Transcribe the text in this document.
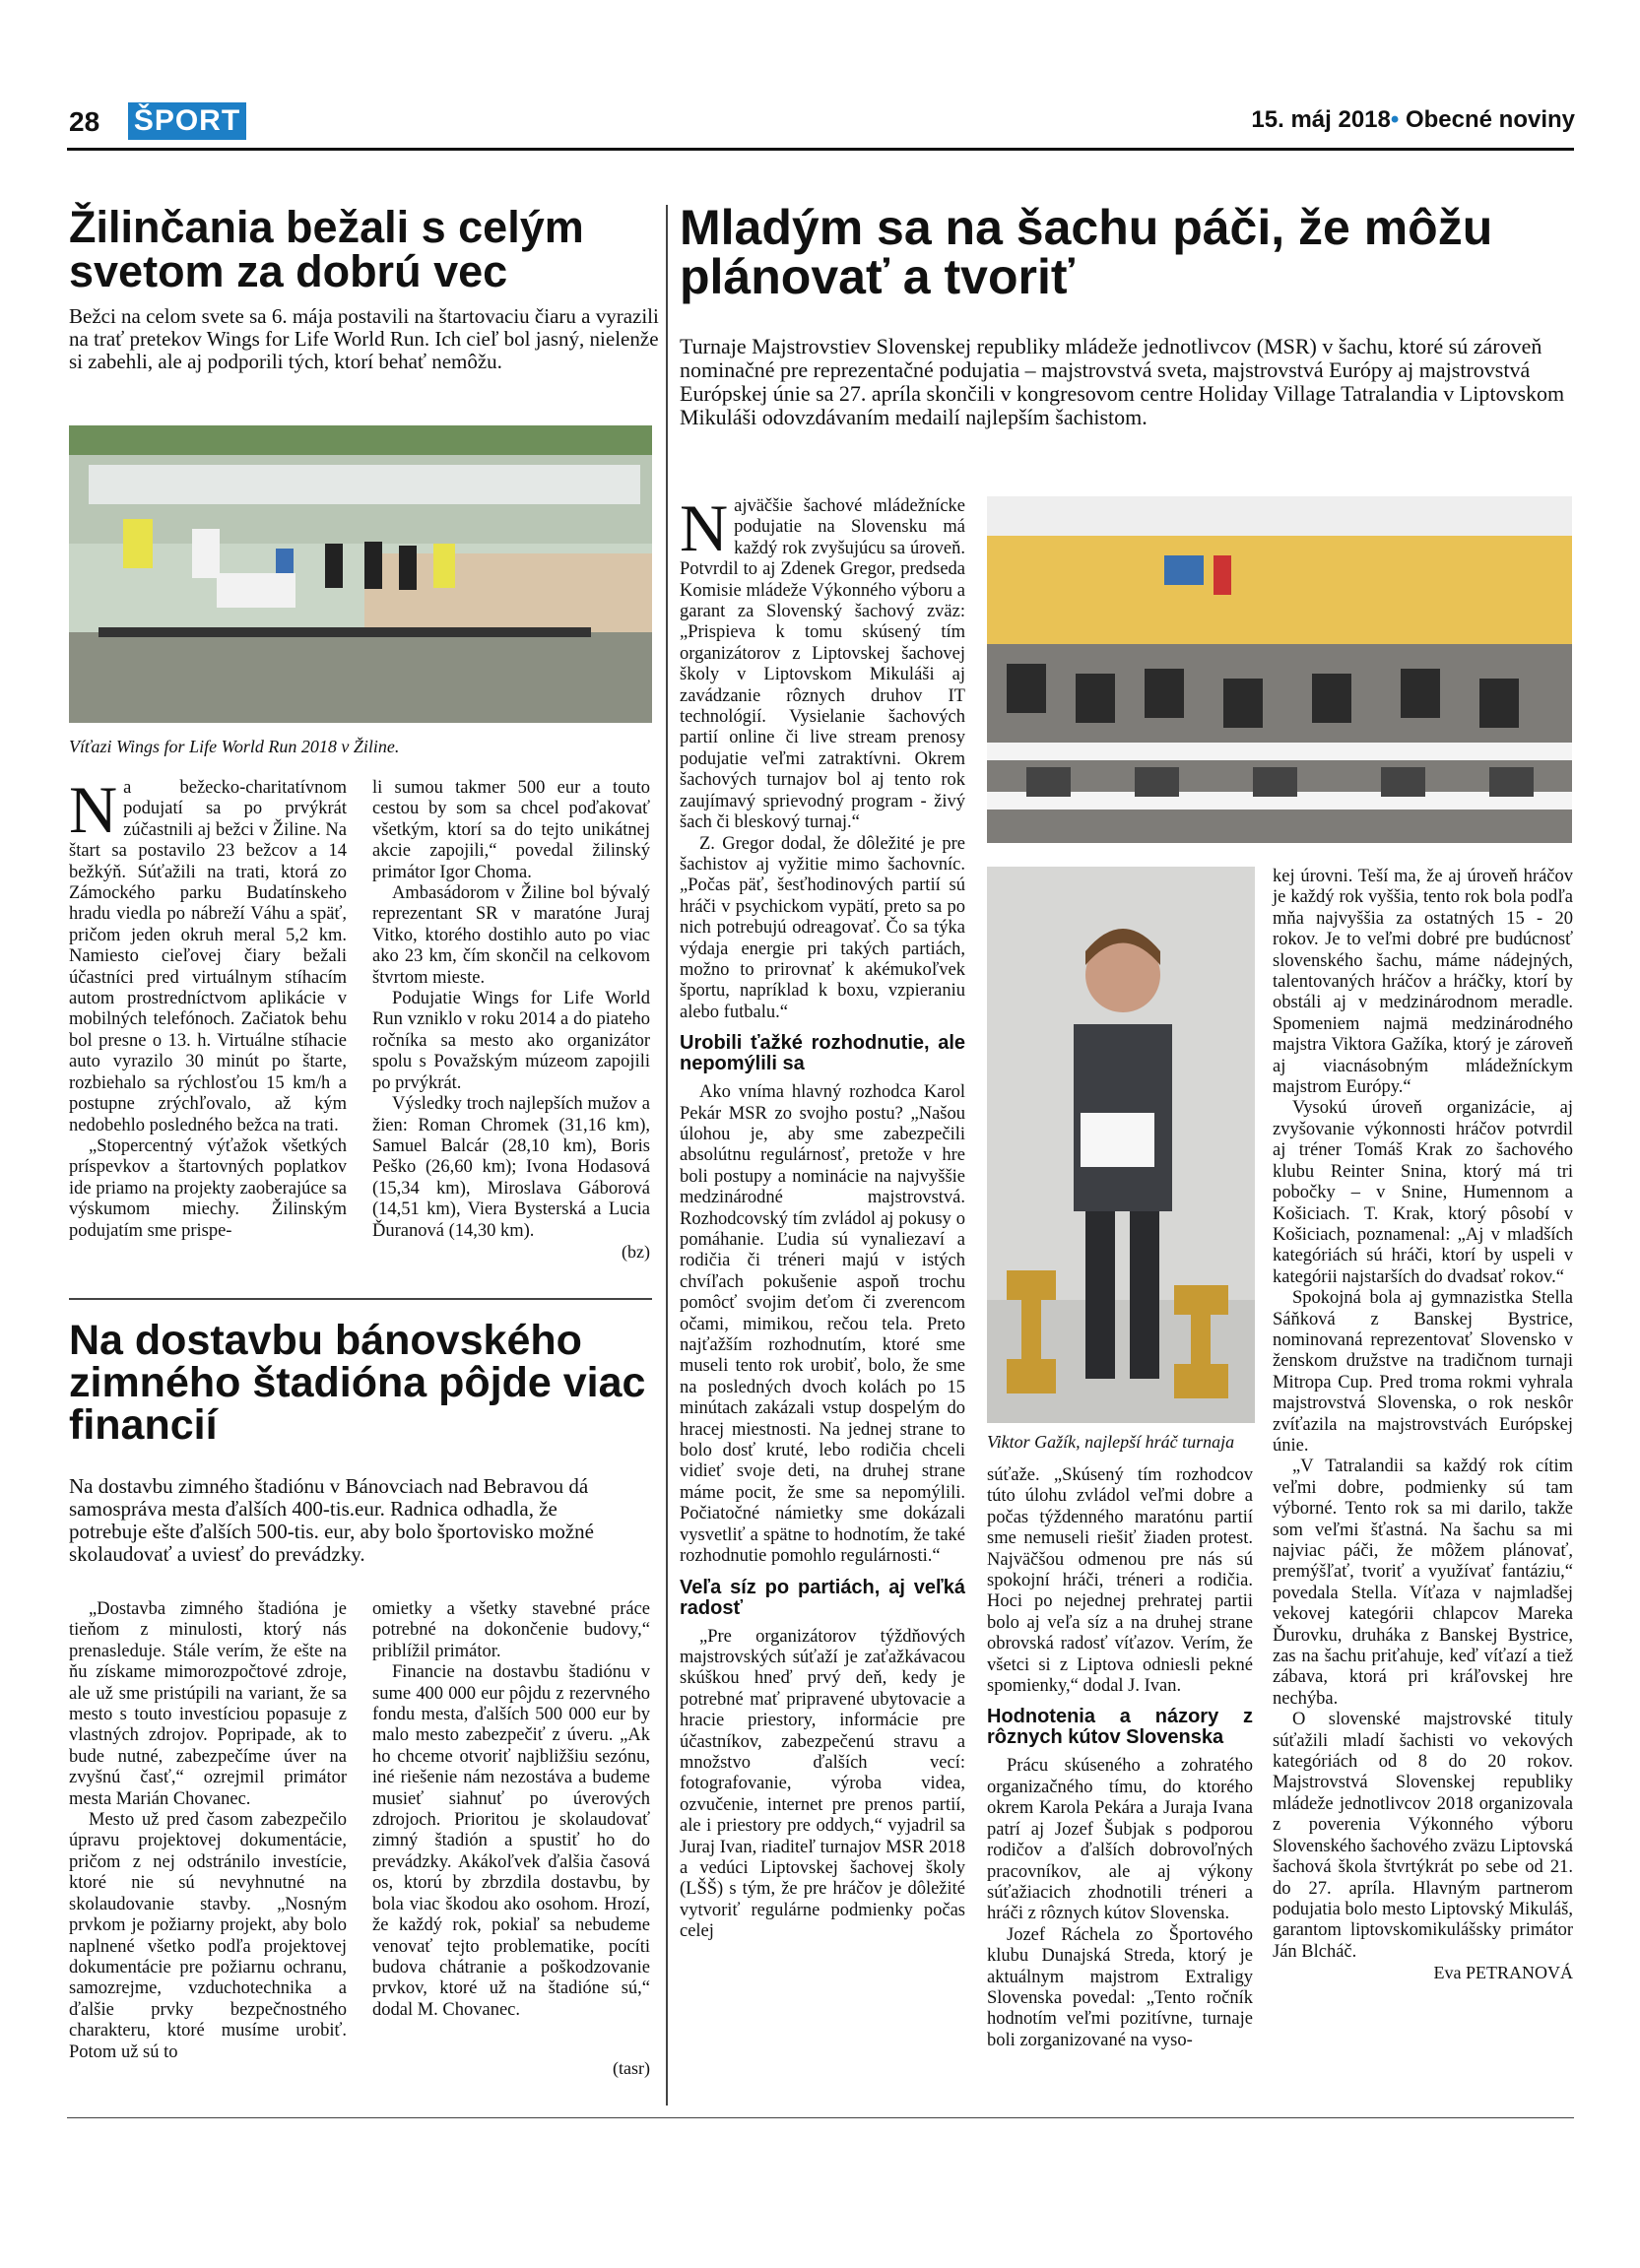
28 ŠPORT	15. máj 2018• Obecné noviny
Žilinčania bežali s celým svetom za dobrú vec
Bežci na celom svete sa 6. mája postavili na štartovaciu čiaru a vyrazili na trať pretekov Wings for Life World Run. Ich cieľ bol jasný, nielenže si zabehli, ale aj podporili tých, ktorí behať nemôžu.
Víťazi Wings for Life World Run 2018 v Žiline.

Na bežecko-charitatívnom podujatí sa po prvýkrát zúčastnili aj bežci v Žiline. Na štart sa postavilo 23 bežcov a 14 bežkýň. Súťažili na trati, ktorá zo Zámockého parku Budatínskeho hradu viedla po nábreží Váhu a späť, pričom jeden okruh meral 5,2 km. Namiesto cieľovej čiary bežali účastníci pred virtuálnym stíhacím autom prostredníctvom aplikácie v mobilných telefónoch. Začiatok behu bol presne o 13. h. Virtuálne stíhacie auto vyrazilo 30 minút po štarte, rozbiehalo sa rýchlosťou 15 km/h a postupne zrýchľovalo, až kým nedobehlo posledného bežca na trati.

„Stopercentný výťažok všetkých príspevkov a štartovných poplatkov ide priamo na projekty zaoberajúce sa výskumom miechy. Žilinským podujatím sme prispe-

li sumou takmer 500 eur a touto cestou by som sa chcel poďakovať všetkým, ktorí sa do tejto unikátnej akcie zapojili,“ povedal žilinský primátor Igor Choma.

Ambasádorom v Žiline bol bývalý reprezentant SR v maratóne Juraj Vitko, ktorého dostihlo auto po viac ako 23 km, čím skončil na celkovom štvrtom mieste.

Podujatie Wings for Life World Run vzniklo v roku 2014 a do piateho ročníka sa mesto ako organizátor spolu s Považským múzeom zapojili po prvýkrát.

Výsledky troch najlepších mužov a žien: Roman Chromek (31,16 km), Samuel Balcár (28,10 km), Boris Peško (26,60 km); Ivona Hodasová (15,34 km), Miroslava Gáborová (14,51 km), Viera Bysterská a Lucia Ďuranová (14,30 km).

(bz)
Na dostavbu bánovského zimného štadióna pôjde viac financií
Na dostavbu zimného štadiónu v Bánovciach nad Bebravou dá samospráva mesta ďalších 400-tis.eur. Radnica odhadla, že potrebuje ešte ďalších 500-tis. eur, aby bolo športovisko možné skolaudovať a uviesť do prevádzky.

„Dostavba zimného štadióna je tieňom z minulosti, ktorý nás prenasleduje. Stále verím, že ešte na ňu získame mimorozpočtové zdroje, ale už sme pristúpili na variant, že sa mesto s touto investíciou popasuje z vlastných zdrojov. Popripade, ak to bude nutné, zabezpečíme úver na zvyšnú časť,“ ozrejmil primátor mesta Marián Chovanec.

Mesto už pred časom zabezpečilo úpravu projektovej dokumentácie, pričom z nej odstránilo investície, ktoré nie sú nevyhnutné na skolaudovanie stavby. „Nosným prvkom je požiarny projekt, aby bolo naplnené všetko podľa projektovej dokumentácie pre požiarnu ochranu, samozrejme, vzduchotechnika a ďalšie prvky bezpečnostného charakteru, ktoré musíme urobiť. Potom už sú to

omietky a všetky stavebné práce potrebné na dokončenie budovy,“ priblížil primátor.

Financie na dostavbu štadiónu v sume 400 000 eur pôjdu z rezervného fondu mesta, ďalších 500 000 eur by malo mesto zabezpečiť z úveru. „Ak ho chceme otvoriť najbližšiu sezónu, iné riešenie nám nezostáva a budeme musieť siahnuť po úverových zdrojoch. Prioritou je skolaudovať zimný štadión a spustiť ho do prevádzky. Akákoľvek ďalšia časová os, ktorú by zbrzdila dostavbu, by bola viac škodou ako osohom. Hrozí, že každý rok, pokiaľ sa nebudeme venovať tejto problematike, pocíti budova chátranie a poškodzovanie prvkov, ktoré už na štadióne sú,“ dodal M. Chovanec.

(tasr)
Mladým sa na šachu páči, že môžu plánovať a tvoriť
Turnaje Majstrovstiev Slovenskej republiky mládeže jednotlivcov (MSR) v šachu, ktoré sú zároveň nominačné pre reprezentačné podujatia – majstrovstvá sveta, majstrovstvá Európy aj majstrovstvá Európskej únie sa 27. apríla skončili v kongresovom centre Holiday Village Tatralandia v Liptovskom Mikuláši odovzdávaním medailí najlepším šachistom.
Viktor Gažík, najlepší hráč turnaja

Najväčšie šachové mládežnícke podujatie na Slovensku má každý rok zvyšujúcu sa úroveň. Potvrdil to aj Zdenek Gregor, predseda Komisie mládeže Výkonného výboru a garant za Slovenský šachový zväz: „Prispieva k tomu skúsený tím organizátorov z Liptovskej šachovej školy v Liptovskom Mikuláši aj zavádzanie rôznych druhov IT technológií. Vysielanie šachových partií online či live stream prenosy podujatie veľmi zatraktívni. Okrem šachových turnajov bol aj tento rok zaujímavý sprievodný program - živý šach či bleskový turnaj.“

Z. Gregor dodal, že dôležité je pre šachistov aj vyžitie mimo šachovníc. „Počas päť, šesťhodinových partií sú hráči v psychickom vypätí, preto sa po nich potrebujú odreagovať. Čo sa týka výdaja energie pri takých partiách, možno to prirovnať k akémukoľvek športu, napríklad k boxu, vzpieraniu alebo futbalu.“

Urobili ťažké rozhodnutie, ale nepomýlili sa

Ako vníma hlavný rozhodca Karol Pekár MSR zo svojho postu? „Našou úlohou je, aby sme zabezpečili absolútnu regulárnosť, pretože v hre boli postupy a nominácie na najvyššie medzinárodné majstrovstvá. Rozhodcovský tím zvládol aj pokusy o pomáhanie. Ľudia sú vynaliezaví a rodičia či tréneri majú v istých chvíľach pokušenie aspoň trochu pomôcť svojim deťom či zverencom očami, mimikou, rečou tela. Preto najťažším rozhodnutím, ktoré sme museli tento rok urobiť, bolo, že sme na posledných dvoch kolách po 15 minútach zakázali vstup dospelým do hracej miestnosti. Na jednej strane to bolo dosť kruté, lebo rodičia chceli vidieť svoje deti, na druhej strane máme pocit, že sme sa nepomýlili. Počiatočné námietky sme dokázali vysvetliť a spätne to hodnotím, že také rozhodnutie pomohlo regulárnosti.“

Veľa síz po partiách, aj veľká radosť

„Pre organizátorov týždňových majstrovských súťaží je zaťažkávacou skúškou hneď prvý deň, kedy je potrebné mať pripravené ubytovacie a hracie priestory, informácie pre účastníkov, zabezpečenú stravu a množstvo ďalších vecí: fotografovanie, výroba videa, ozvučenie, internet pre prenos partií, ale i priestory pre oddych,“ vyjadril sa Juraj Ivan, riaditeľ turnajov MSR 2018 a vedúci Liptovskej šachovej školy (LŠŠ) s tým, že pre hráčov je dôležité vytvoriť regulárne podmienky počas celej

súťaže. „Skúsený tím rozhodcov túto úlohu zvládol veľmi dobre a počas týždenného maratónu partií sme nemuseli riešiť žiaden protest. Najväčšou odmenou pre nás sú spokojní hráči, tréneri a rodičia. Hoci po nejednej prehratej partii bolo aj veľa síz a na druhej strane obrovská radosť víťazov. Verím, že všetci si z Liptova odniesli pekné spomienky,“ dodal J. Ivan.

Hodnotenia a názory z rôznych kútov Slovenska

Prácu skúseného a zohratého organizačného tímu, do ktorého okrem Karola Pekára a Juraja Ivana patrí aj Jozef Šubjak s podporou rodičov a ďalších dobrovoľných pracovníkov, ale aj výkony súťažiacich zhodnotili tréneri a hráči z rôznych kútov Slovenska.

Jozef Ráchela zo Športového klubu Dunajská Streda, ktorý je aktuálnym majstrom Extraligy Slovenska povedal: „Tento ročník hodnotím veľmi pozitívne, turnaje boli zorganizované na vyso-

kej úrovni. Teší ma, že aj úroveň hráčov je každý rok vyššia, tento rok bola podľa mňa najvyššia za ostatných 15 - 20 rokov. Je to veľmi dobré pre budúcnosť slovenského šachu, máme nádejných, talentovaných hráčov a hráčky, ktorí by obstáli aj v medzinárodnom meradle. Spomeniem najmä medzinárodného majstra Viktora Gažíka, ktorý je zároveň aj viacnásobným mládežníckym majstrom Európy.“

Vysokú úroveň organizácie, aj zvyšovanie výkonnosti hráčov potvrdil aj tréner Tomáš Krak zo šachového klubu Reinter Snina, ktorý má tri pobočky – v Snine, Humennom a Košiciach. T. Krak, ktorý pôsobí v Košiciach, poznamenal: „Aj v mladších kategóriách sú hráči, ktorí by uspeli v kategórii najstarších do dvadsať rokov.“

Spokojná bola aj gymnazistka Stella Sáňková z Banskej Bystrice, nominovaná reprezentovať Slovensko v ženskom družstve na tradičnom turnaji Mitropa Cup. Pred troma rokmi vyhrala majstrovstvá Slovenska, o rok neskôr zvíťazila na majstrovstvách Európskej únie.

„V Tatralandii sa každý rok cítim veľmi dobre, podmienky sú tam výborné. Tento rok sa mi darilo, takže som veľmi šťastná. Na šachu sa mi najviac páči, že môžem plánovať, premýšľať, tvoriť a využívať fantáziu,“ povedala Stella. Víťaza v najmladšej vekovej kategórii chlapcov Mareka Ďurovku, druháka z Banskej Bystrice, zas na šachu priťahuje, keď víťazí a tiež zábava, ktorá pri kráľovskej hre nechýba.

O slovenské majstrovské tituly súťažili mladí šachisti vo vekových kategóriách od 8 do 20 rokov. Majstrovstvá Slovenskej republiky mládeže jednotlivcov 2018 organizovala z poverenia Výkonného výboru Slovenského šachového zväzu Liptovská šachová škola štvrtýkrát po sebe od 21. do 27. apríla. Hlavným partnerom podujatia bolo mesto Liptovský Mikuláš, garantom liptovskomikulášsky primátor Ján Blcháč.

Eva PETRANOVÁ
